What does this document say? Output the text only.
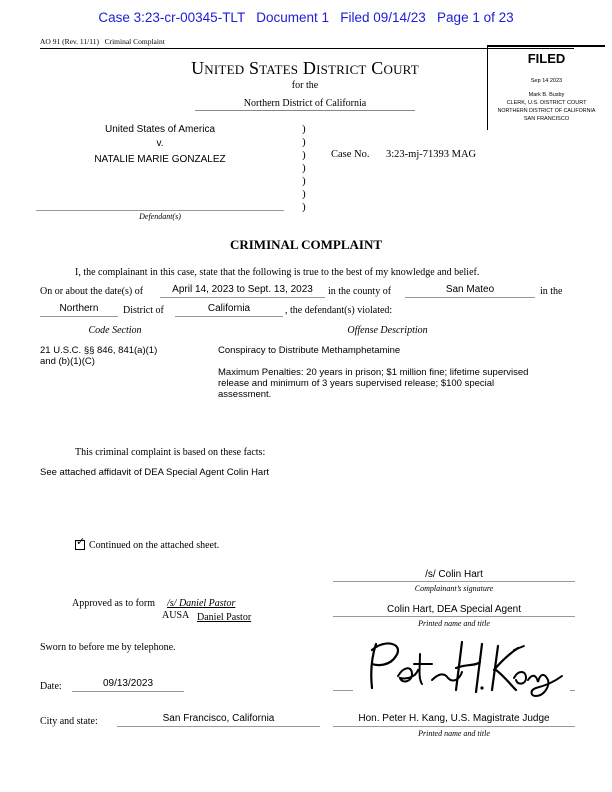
Case 3:23-cr-00345-TLT   Document 1   Filed 09/14/23   Page 1 of 23
AO 91 (Rev. 11/11)   Criminal Complaint
United States District Court
for the
Northern District of California
FILED
Sep 14 2023
Mark B. Busby
CLERK, U.S. DISTRICT COURT
NORTHERN DISTRICT OF CALIFORNIA
SAN FRANCISCO
United States of America
v.
NATALIE MARIE GONZALEZ
Defendant(s)
)
)
)
)
)
)
)
Case No. 3:23-mj-71393 MAG
CRIMINAL COMPLAINT
I, the complainant in this case, state that the following is true to the best of my knowledge and belief.
On or about the date(s) of	April 14, 2023 to Sept. 13, 2023	in the county of	San Mateo	in the
Northern	District of	California	, the defendant(s) violated:
Code Section	Offense Description
21 U.S.C. §§ 846, 841(a)(1)
and (b)(1)(C)
Conspiracy to Distribute Methamphetamine
Maximum Penalties: 20 years in prison; $1 million fine; lifetime supervised
release and minimum of 3 years supervised release; $100 special
assessment.
This criminal complaint is based on these facts:
See attached affidavit of DEA Special Agent Colin Hart
✓ Continued on the attached sheet.
/s/ Colin Hart
Complainant’s signature
Colin Hart, DEA Special Agent
Printed name and title
Approved as to form /s/ Daniel Pastor
AUSA Daniel Pastor
Sworn to before me by telephone.
Date:	09/13/2023
City and state:	San Francisco, California	Hon. Peter H. Kang, U.S. Magistrate Judge
Printed name and title
